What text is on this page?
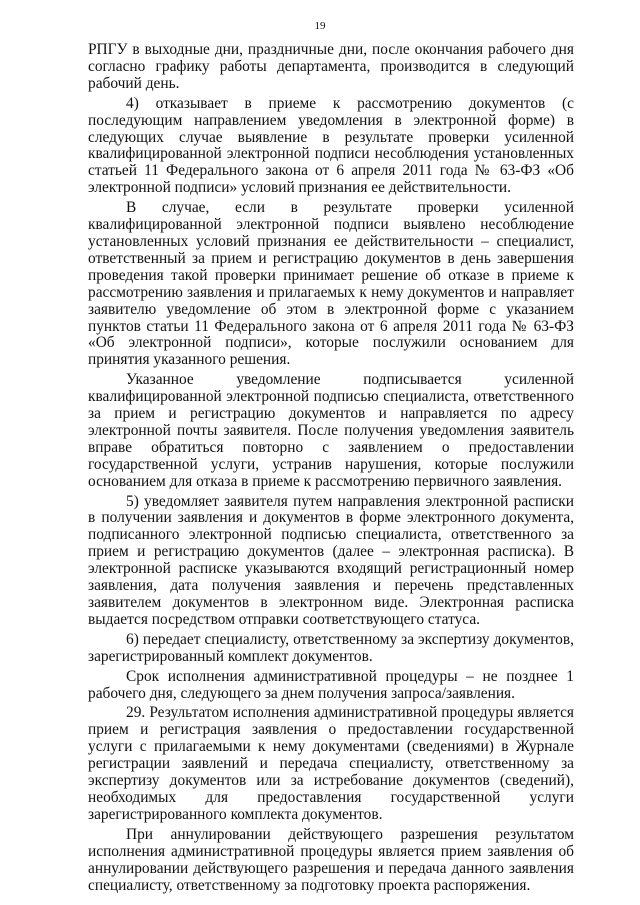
19

РПГУ в выходные дни, праздничные дни, после окончания рабочего дня согласно графику работы департамента, производится в следующий рабочий день.

4) отказывает в приеме к рассмотрению документов (с последующим направлением уведомления в электронной форме) в следующих случае выявление в результате проверки усиленной квалифицированной электронной подписи несоблюдения установленных статьей 11 Федерального закона от 6 апреля 2011 года № 63-ФЗ «Об электронной подписи» условий признания ее действительности.

В случае, если в результате проверки усиленной квалифицированной электронной подписи выявлено несоблюдение установленных условий признания ее действительности – специалист, ответственный за прием и регистрацию документов в день завершения проведения такой проверки принимает решение об отказе в приеме к рассмотрению заявления и прилагаемых к нему документов и направляет заявителю уведомление об этом в электронной форме с указанием пунктов статьи 11 Федерального закона от 6 апреля 2011 года № 63-ФЗ «Об электронной подписи», которые послужили основанием для принятия указанного решения.

Указанное уведомление подписывается усиленной квалифицированной электронной подписью специалиста, ответственного за прием и регистрацию документов и направляется по адресу электронной почты заявителя. После получения уведомления заявитель вправе обратиться повторно с заявлением о предоставлении государственной услуги, устранив нарушения, которые послужили основанием для отказа в приеме к рассмотрению первичного заявления.

5) уведомляет заявителя путем направления электронной расписки в получении заявления и документов в форме электронного документа, подписанного электронной подписью специалиста, ответственного за прием и регистрацию документов (далее – электронная расписка). В электронной расписке указываются входящий регистрационный номер заявления, дата получения заявления и перечень представленных заявителем документов в электронном виде. Электронная расписка выдается посредством отправки соответствующего статуса.

6) передает специалисту, ответственному за экспертизу документов, зарегистрированный комплект документов.

Срок исполнения административной процедуры – не позднее 1 рабочего дня, следующего за днем получения запроса/заявления.

29. Результатом исполнения административной процедуры является прием и регистрация заявления о предоставлении государственной услуги с прилагаемыми к нему документами (сведениями) в Журнале регистрации заявлений и передача специалисту, ответственному за экспертизу документов или за истребование документов (сведений), необходимых для предоставления государственной услуги зарегистрированного комплекта документов.

При аннулировании действующего разрешения результатом исполнения административной процедуры является прием заявления об аннулировании действующего разрешения и передача данного заявления специалисту, ответственному за подготовку проекта распоряжения.
